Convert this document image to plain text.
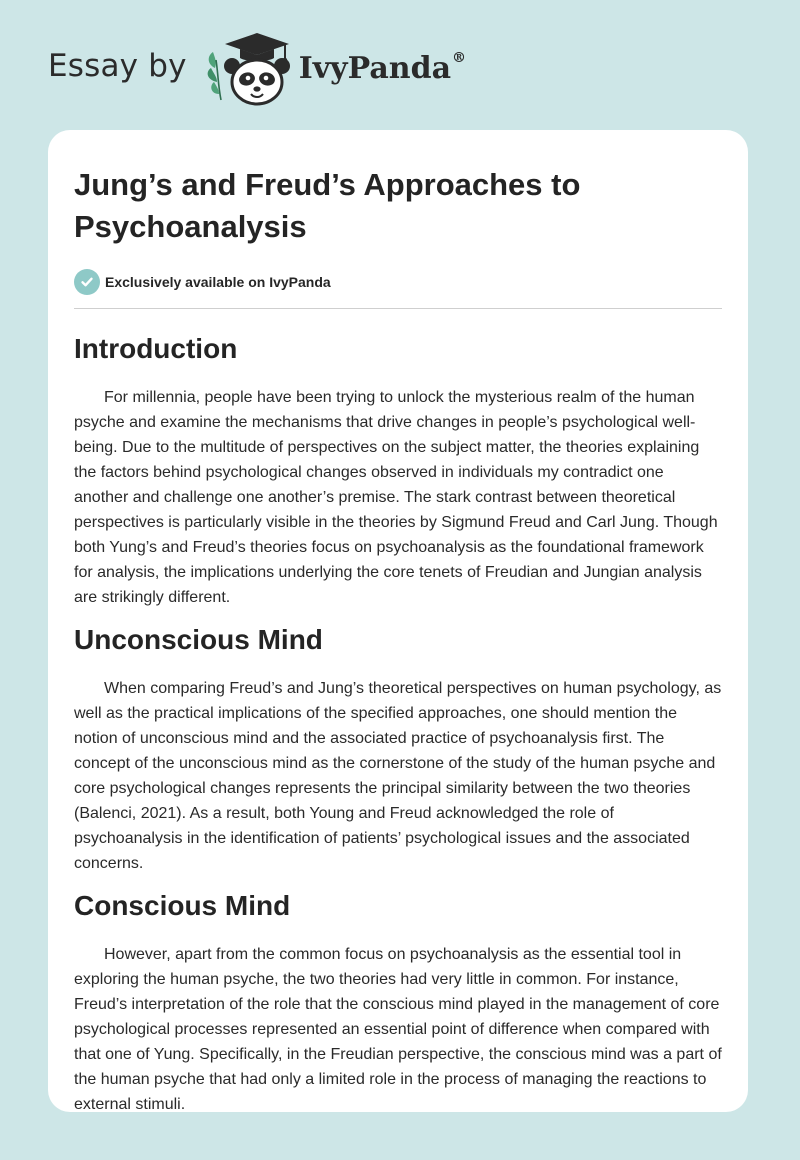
Essay by	IvyPanda®
Jung’s and Freud’s Approaches to Psychoanalysis
Exclusively available on IvyPanda
Introduction

For millennia, people have been trying to unlock the mysterious realm of the human psyche and examine the mechanisms that drive changes in people’s psychological well-being. Due to the multitude of perspectives on the subject matter, the theories explaining the factors behind psychological changes observed in individuals my contradict one another and challenge one another’s premise. The stark contrast between theoretical perspectives is particularly visible in the theories by Sigmund Freud and Carl Jung. Though both Yung’s and Freud’s theories focus on psychoanalysis as the foundational framework for analysis, the implications underlying the core tenets of Freudian and Jungian analysis are strikingly different.

Unconscious Mind

When comparing Freud’s and Jung’s theoretical perspectives on human psychology, as well as the practical implications of the specified approaches, one should mention the notion of unconscious mind and the associated practice of psychoanalysis first. The concept of the unconscious mind as the cornerstone of the study of the human psyche and core psychological changes represents the principal similarity between the two theories (Balenci, 2021). As a result, both Young and Freud acknowledged the role of psychoanalysis in the identification of patients’ psychological issues and the associated concerns.

Conscious Mind

However, apart from the common focus on psychoanalysis as the essential tool in exploring the human psyche, the two theories had very little in common. For instance, Freud’s interpretation of the role that the conscious mind played in the management of core psychological processes represented an essential point of difference when compared with that one of Yung. Specifically, in the Freudian perspective, the conscious mind was a part of the human psyche that had only a limited role in the process of managing the reactions to external stimuli.
